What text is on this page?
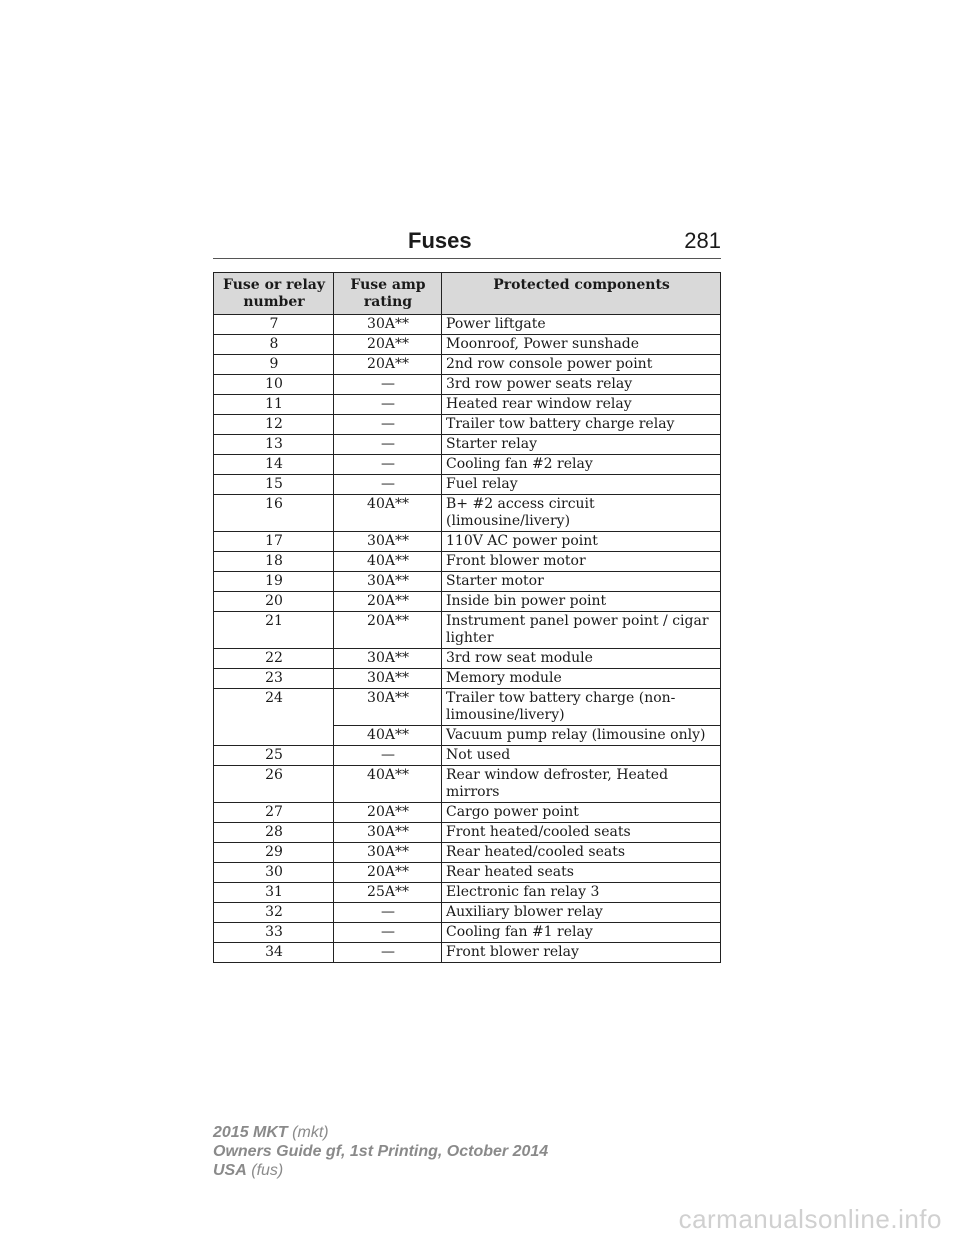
Fuses	281
Fuse or relay number	Fuse amp rating	Protected components
7	30A**	Power liftgate
8	20A**	Moonroof, Power sunshade
9	20A**	2nd row console power point
10	—	3rd row power seats relay
11	—	Heated rear window relay
12	—	Trailer tow battery charge relay
13	—	Starter relay
14	—	Cooling fan #2 relay
15	—	Fuel relay
16	40A**	B+ #2 access circuit (limousine/livery)
17	30A**	110V AC power point
18	40A**	Front blower motor
19	30A**	Starter motor
20	20A**	Inside bin power point
21	20A**	Instrument panel power point / cigar lighter
22	30A**	3rd row seat module
23	30A**	Memory module
24	30A**	Trailer tow battery charge (non-limousine/livery)
	40A**	Vacuum pump relay (limousine only)
25	—	Not used
26	40A**	Rear window defroster, Heated mirrors
27	20A**	Cargo power point
28	30A**	Front heated/cooled seats
29	30A**	Rear heated/cooled seats
30	20A**	Rear heated seats
31	25A**	Electronic fan relay 3
32	—	Auxiliary blower relay
33	—	Cooling fan #1 relay
34	—	Front blower relay
2015 MKT (mkt)
Owners Guide gf, 1st Printing, October 2014
USA (fus)
carmanualsonline.info
